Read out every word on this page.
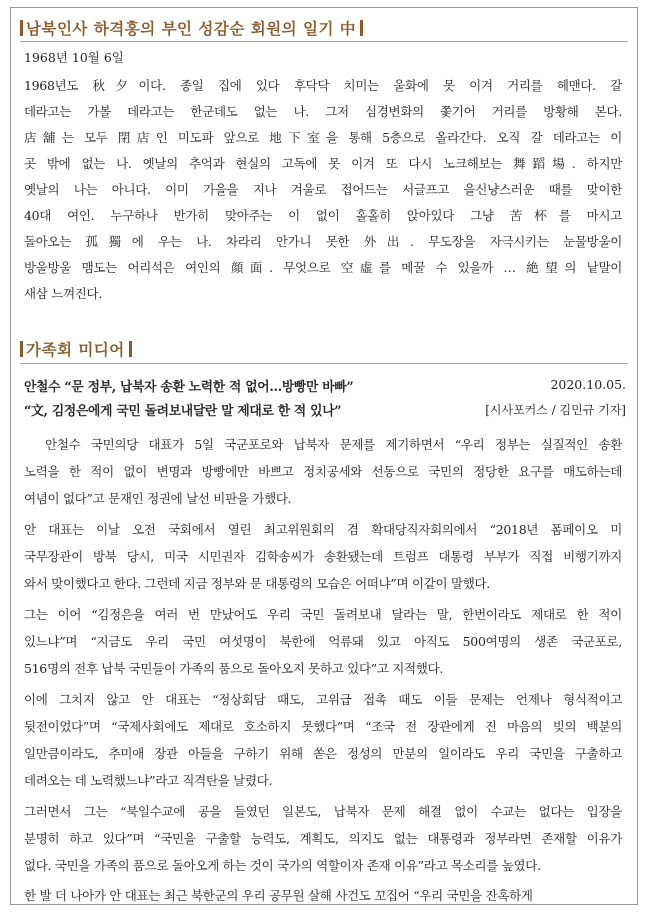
남북인사 하격홍의 부인 성감순 회원의 일기 中
1968년 10월 6일
1968년도 秋夕이다. 종일 집에 있다 후닥닥 치미는 울화에 못 이겨 거리를 헤맨다. 갈
데라고는 가볼 데라고는 한군데도 없는 나. 그저 심경변화의 쫓기어 거리를 방황해 본다.
店舖는 모두 閉店인 미도파 앞으로 地下室을 통해 5층으로 올라간다. 오직 갈 데라고는 이
곳 밖에 없는 나. 옛날의 추억과 현실의 고독에 못 이겨 또 다시 노크해보는 舞蹈場. 하지만
옛날의 나는 아니다. 이미 가을을 지나 겨울로 접어드는 서글프고 을신냥스러운 때를 맞이한
40대 여인. 누구하나 반가히 맞아주는 이 없이 홀홀히 앉아있다 그냥 苦杯를 마시고
돌아오는 孤獨에 우는 나. 차라리 안가니 못한 外出. 무도장을 자극시키는 눈물방울이
방울방울 맴도는 어리석은 여인의 顔面. 무엇으로 空虛를 메꿀 수 있을까 … 絶望의 낱말이
새삼 느껴진다.
가족회 미디어
안철수 “문 정부, 납북자 송환 노력한 적 없어…방빵만 바빠”	2020.10.05.
“文, 김정은에게 국민 돌려보내달란 말 제대로 한 적 있나”	[시사포커스 / 김민규 기자]
안철수 국민의당 대표가 5일 국군포로와 납북자 문제를 제기하면서 “우리 정부는 실질적인 송환
노력을 한 적이 없이 변명과 방빵에만 바쁘고 정치공세와 선동으로 국민의 정당한 요구를 매도하는데
여념이 없다”고 문재인 정권에 날선 비판을 가했다.
안 대표는 이날 오전 국회에서 열린 최고위원회의 겸 확대당직자회의에서 “2018년 폼페이오 미
국무장관이 방북 당시, 미국 시민권자 김학송씨가 송환됐는데 트럼프 대통령 부부가 직접 비행기까지
와서 맞이했다고 한다. 그런데 지금 정부와 문 대통령의 모습은 어떠냐”며 이같이 말했다.
그는 이어 “김정은을 여러 번 만났어도 우리 국민 돌려보내 달라는 말, 한번이라도 제대로 한 적이
있느냐”며 “지금도 우리 국민 여섯명이 북한에 억류돼 있고 아직도 500여명의 생존 국군포로,
516명의 전후 납북 국민들이 가족의 품으로 돌아오지 못하고 있다”고 지적했다.
이에 그치지 않고 안 대표는 “정상회담 때도, 고위급 접촉 때도 이들 문제는 언제나 형식적이고
뒷전이었다”며 “국제사회에도 제대로 호소하지 못했다”며 “조국 전 장관에게 진 마음의 빚의 백분의
일만큼이라도, 추미애 장관 아들을 구하기 위해 쏟은 정성의 만분의 일이라도 우리 국민을 구출하고
데려오는 데 노력했느냐”라고 직격탄을 날렸다.
그러면서 그는 “북일수교에 공을 들였던 일본도, 납북자 문제 해결 없이 수교는 없다는 입장을
분명히 하고 있다”며 “국민을 구출할 능력도, 계획도, 의지도 없는 대통령과 정부라면 존재할 이유가
없다. 국민을 가족의 품으로 돌아오게 하는 것이 국가의 역할이자 존재 이유”라고 목소리를 높였다.
한 발 더 나아가 안 대표는 최근 북한군의 우리 공무원 살해 사건도 꼬집어 “우리 국민을 잔혹하게
